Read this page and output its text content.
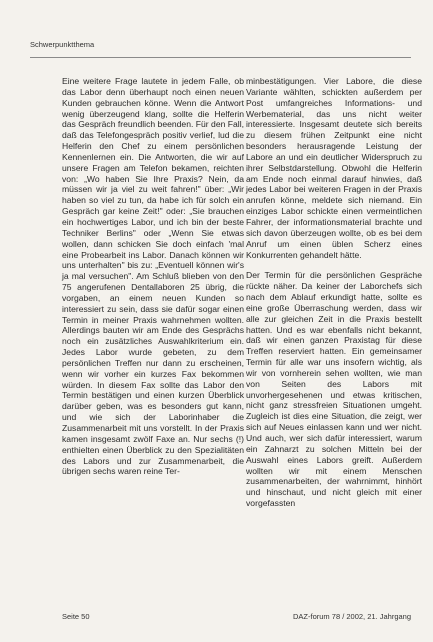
Schwerpunktthema

Eine weitere Frage lautete in jedem Falle, ob das Labor denn überhaupt noch einen neuen Kunden gebrauchen könne. Wenn die Antwort wenig überzeugend klang, sollte die Helferin das Gespräch freundlich beenden. Für den Fall, daß das Telefongespräch positiv verlief, lud die Helferin den Chef zu einem persönlichen Kennenlernen ein. Die Antworten, die wir auf unsere Fragen am Telefon bekamen, reichten von: „Wo haben Sie Ihre Praxis? Nein, da müssen wir ja viel zu weit fahren!" über: „Wir haben so viel zu tun, da habe ich für solch ein Gespräch gar keine Zeit!" oder: „Sie brauchen ein hochwertiges Labor, und ich bin der beste Techniker Berlins" oder „Wenn Sie etwas wollen, dann schicken Sie doch einfach 'mal eine Probearbeit ins Labor. Danach können wir uns unterhalten" bis zu: „Eventuell können wir's ja mal versuchen". Am Schluß blieben von den 75 angerufenen Dentallaboren 25 übrig, die vorgaben, an einem neuen Kunden so interessiert zu sein, dass sie dafür sogar einen Termin in meiner Praxis wahrnehmen wollten. Allerdings bauten wir am Ende des Gesprächs noch ein zusätzliches Auswahlkriterium ein. Jedes Labor wurde gebeten, zu dem persönlichen Treffen nur dann zu erscheinen, wenn wir vorher ein kurzes Fax bekommen würden. In diesem Fax sollte das Labor den Termin bestätigen und einen kurzen Überblick darüber geben, was es besonders gut kann, und wie sich der Laborinhaber die Zusammenarbeit mit uns vorstellt. In der Praxis kamen insgesamt zwölf Faxe an. Nur sechs (!) enthielten einen Überblick zu den Spezialitäten des Labors und zur Zusammenarbeit, die übrigen sechs waren reine Ter-

minbestätigungen. Vier Labore, die diese Variante wählten, schickten außerdem per Post umfangreiches Informations- und Werbematerial, das uns nicht weiter interessierte. Insgesamt deutete sich bereits zu diesem frühen Zeitpunkt eine nicht besonders herausragende Leistung der Labore an und ein deutlicher Widerspruch zu ihrer Selbstdarstellung. Obwohl die Helferin am Ende noch einmal darauf hinwies, daß jedes Labor bei weiteren Fragen in der Praxis anrufen könne, meldete sich niemand. Ein einziges Labor schickte einen vermeintlichen Fahrer, der informationsmaterial brachte und sich davon überzeugen wollte, ob es bei dem Anruf um einen üblen Scherz eines Konkurrenten gehandelt hätte.

Der Termin für die persönlichen Gespräche rückte näher. Da keiner der Laborchefs sich nach dem Ablauf erkundigt hatte, sollte es eine große Überraschung werden, dass wir alle zur gleichen Zeit in die Praxis bestellt hatten. Und es war ebenfalls nicht bekannt, daß wir einen ganzen Praxistag für diese Treffen reserviert hatten. Ein gemeinsamer Termin für alle war uns insofern wichtig, als wir von vornherein sehen wollten, wie man von Seiten des Labors mit unvorhergesehenen und etwas kritischen, nicht ganz stressfreien Situationen umgeht. Zugleich ist dies eine Situation, die zeigt, wer sich auf Neues einlassen kann und wer nicht. Und auch, wer sich dafür interessiert, warum ein Zahnarzt zu solchen Mitteln bei der Auswahl eines Labors greift. Außerdem wollten wir mit einem Menschen zusammenarbeiten, der wahrnimmt, hinhört und hinschaut, und nicht gleich mit einer vorgefassten

Seite 50	DAZ-forum 78 / 2002, 21. Jahrgang
